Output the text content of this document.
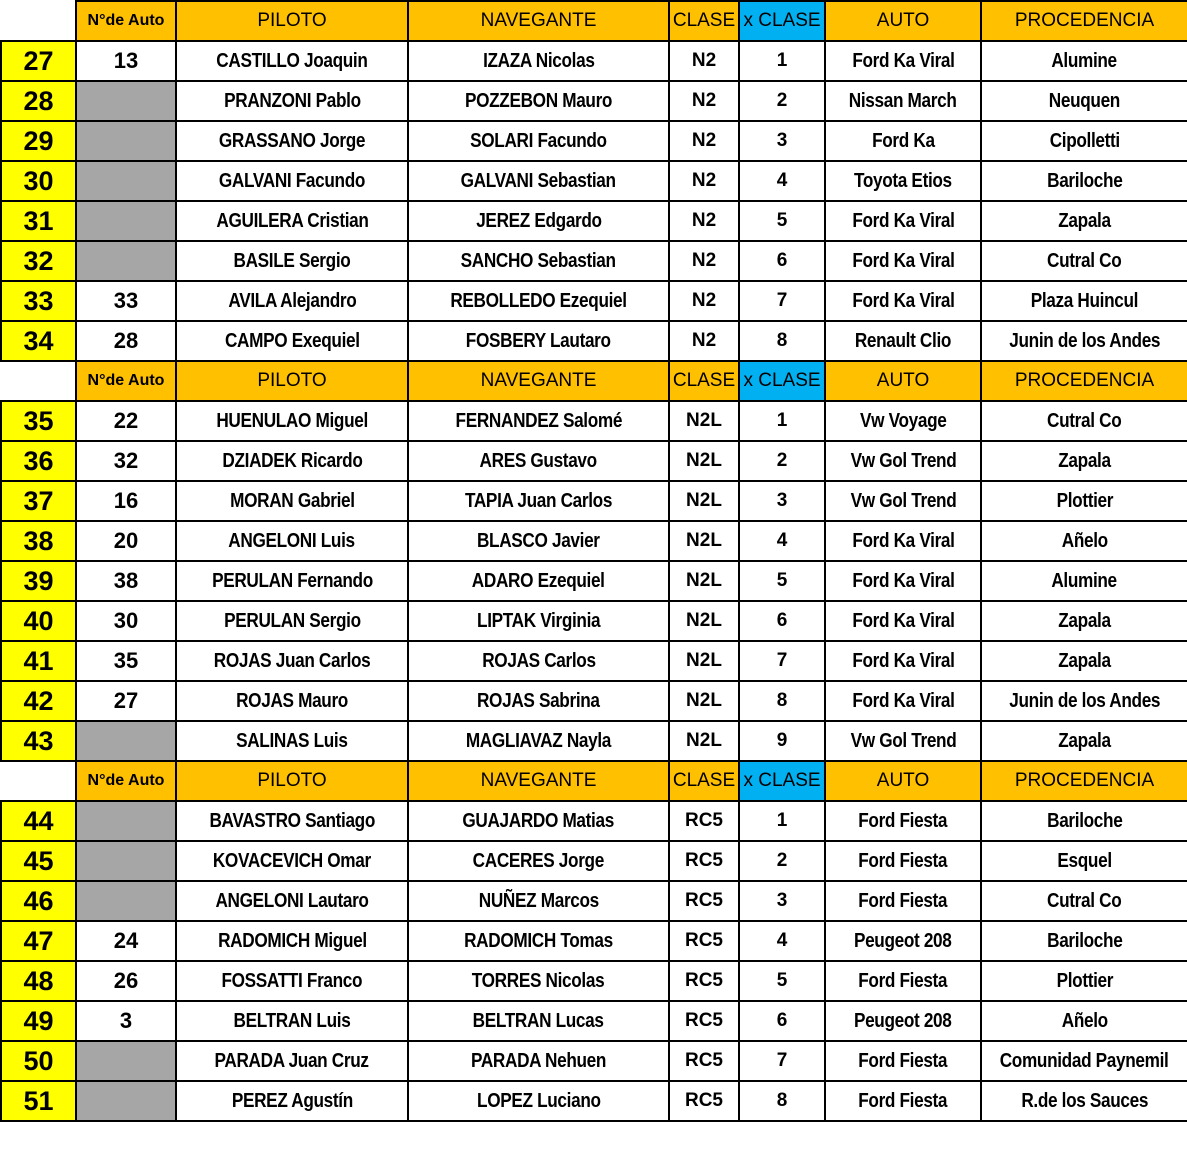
	N°de Auto	PILOTO	NAVEGANTE	CLASE	x CLASE	AUTO	PROCEDENCIA
27	13	CASTILLO Joaquin	IZAZA Nicolas	N2	1	Ford Ka Viral	Alumine
28		PRANZONI Pablo	POZZEBON Mauro	N2	2	Nissan March	Neuquen
29		GRASSANO Jorge	SOLARI Facundo	N2	3	Ford Ka	Cipolletti
30		GALVANI Facundo	GALVANI Sebastian	N2	4	Toyota Etios	Bariloche
31		AGUILERA Cristian	JEREZ Edgardo	N2	5	Ford Ka Viral	Zapala
32		BASILE Sergio	SANCHO Sebastian	N2	6	Ford Ka Viral	Cutral Co
33	33	AVILA Alejandro	REBOLLEDO Ezequiel	N2	7	Ford Ka Viral	Plaza Huincul
34	28	CAMPO Exequiel	FOSBERY Lautaro	N2	8	Renault Clio	Junin de los Andes
	N°de Auto	PILOTO	NAVEGANTE	CLASE	x CLASE	AUTO	PROCEDENCIA
35	22	HUENULAO Miguel	FERNANDEZ Salomé	N2L	1	Vw Voyage	Cutral Co
36	32	DZIADEK Ricardo	ARES Gustavo	N2L	2	Vw Gol Trend	Zapala
37	16	MORAN Gabriel	TAPIA Juan Carlos	N2L	3	Vw Gol Trend	Plottier
38	20	ANGELONI Luis	BLASCO Javier	N2L	4	Ford Ka Viral	Añelo
39	38	PERULAN Fernando	ADARO Ezequiel	N2L	5	Ford Ka Viral	Alumine
40	30	PERULAN Sergio	LIPTAK Virginia	N2L	6	Ford Ka Viral	Zapala
41	35	ROJAS Juan Carlos	ROJAS Carlos	N2L	7	Ford Ka Viral	Zapala
42	27	ROJAS Mauro	ROJAS Sabrina	N2L	8	Ford Ka Viral	Junin de los Andes
43		SALINAS Luis	MAGLIAVAZ Nayla	N2L	9	Vw Gol Trend	Zapala
	N°de Auto	PILOTO	NAVEGANTE	CLASE	x CLASE	AUTO	PROCEDENCIA
44		BAVASTRO Santiago	GUAJARDO Matias	RC5	1	Ford Fiesta	Bariloche
45		KOVACEVICH Omar	CACERES Jorge	RC5	2	Ford Fiesta	Esquel
46		ANGELONI Lautaro	NUÑEZ Marcos	RC5	3	Ford Fiesta	Cutral Co
47	24	RADOMICH Miguel	RADOMICH Tomas	RC5	4	Peugeot 208	Bariloche
48	26	FOSSATTI Franco	TORRES Nicolas	RC5	5	Ford Fiesta	Plottier
49	3	BELTRAN Luis	BELTRAN Lucas	RC5	6	Peugeot 208	Añelo
50		PARADA Juan Cruz	PARADA Nehuen	RC5	7	Ford Fiesta	Comunidad Paynemil
51		PEREZ Agustín	LOPEZ Luciano	RC5	8	Ford Fiesta	R.de los Sauces
